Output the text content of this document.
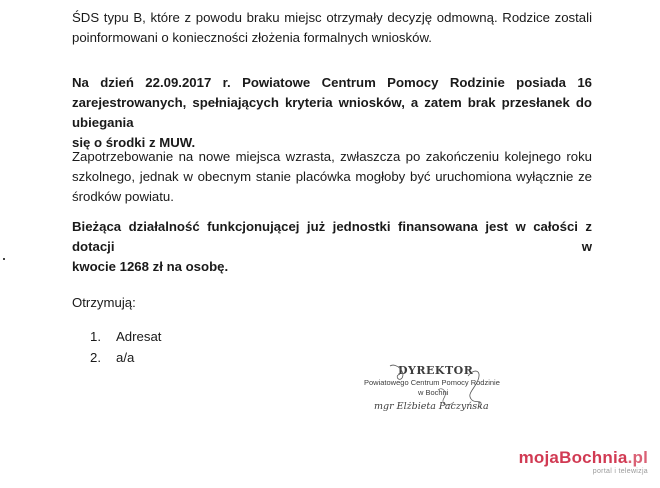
ŚDS typu B, które z powodu braku miejsc otrzymały decyzję odmowną. Rodzice zostali
poinformowani o konieczności złożenia formalnych wniosków.

Na dzień 22.09.2017 r. Powiatowe Centrum Pomocy Rodzinie posiada 16
zarejestrowanych, spełniających kryteria wniosków, a zatem brak przesłanek do ubiegania
się o środki z MUW.

Zapotrzebowanie na nowe miejsca wzrasta, zwłaszcza po zakończeniu kolejnego roku
szkolnego, jednak w obecnym stanie placówka mogłoby być uruchomiona wyłącznie ze
środków powiatu.

Bieżąca działalność funkcjonującej już jednostki finansowana jest w całości z dotacji w
kwocie 1268 zł na osobę.

Otrzymują:

1.	Adresat
2.	a/a
DYREKTOR
Powiatowego Centrum Pomocy Rodzinie
w Bochni
mgr Elżbieta Paczyńska
mojaBochnia.pl
portal i telewizja
